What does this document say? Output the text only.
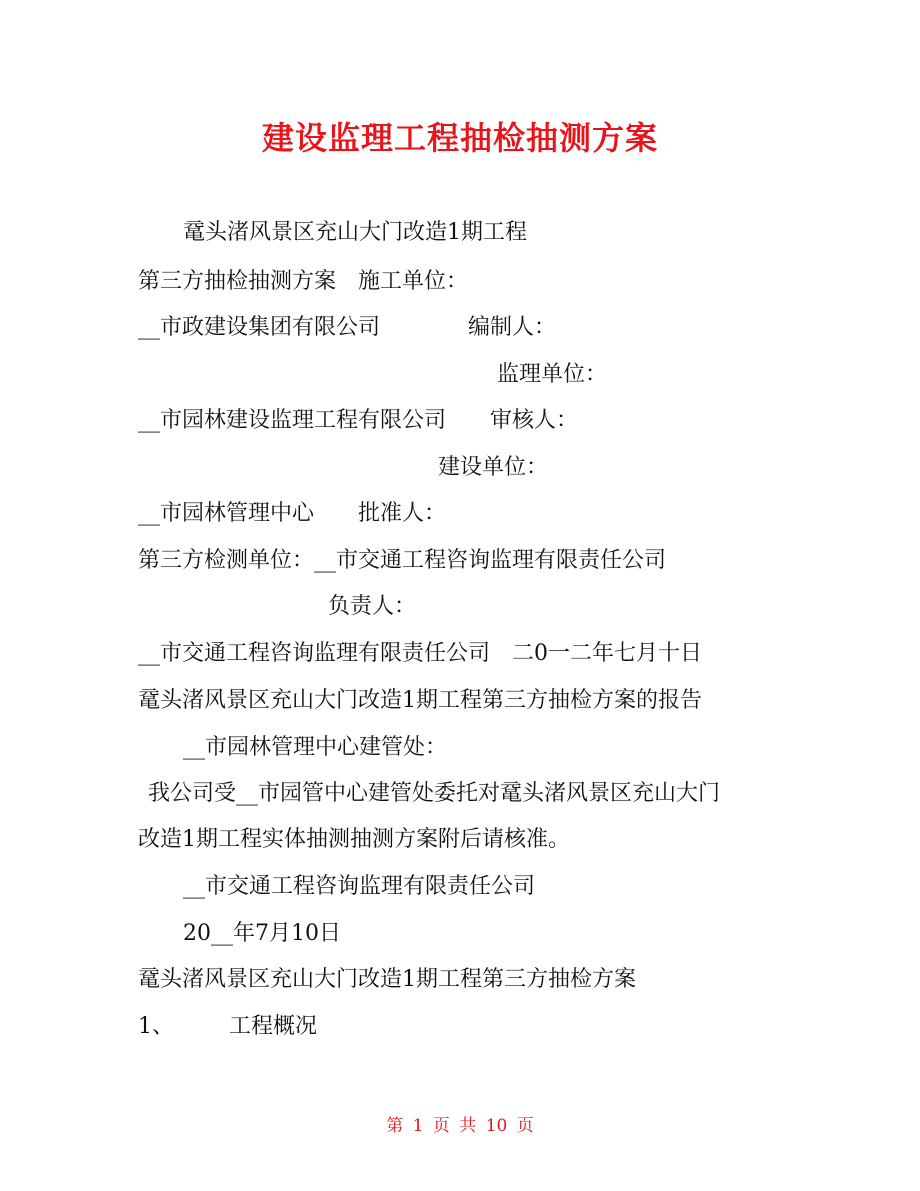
建设监理工程抽检抽测方案
鼋头渚风景区充山大门改造1期工程
第三方抽检抽测方案　施工单位：
__市政建设集团有限公司　　　　编制人：
监理单位：
__市园林建设监理工程有限公司　　审核人：
建设单位：
__市园林管理中心　　批准人：
第三方检测单位：__市交通工程咨询监理有限责任公司
负责人：
__市交通工程咨询监理有限责任公司　二0一二年七月十日
鼋头渚风景区充山大门改造1期工程第三方抽检方案的报告
__市园林管理中心建管处：
我公司受__市园管中心建管处委托对鼋头渚风景区充山大门
改造1期工程实体抽测抽测方案附后请核准。
__市交通工程咨询监理有限责任公司
20__年7月10日
鼋头渚风景区充山大门改造1期工程第三方抽检方案
1、　　　工程概况
第 1 页 共 10 页
